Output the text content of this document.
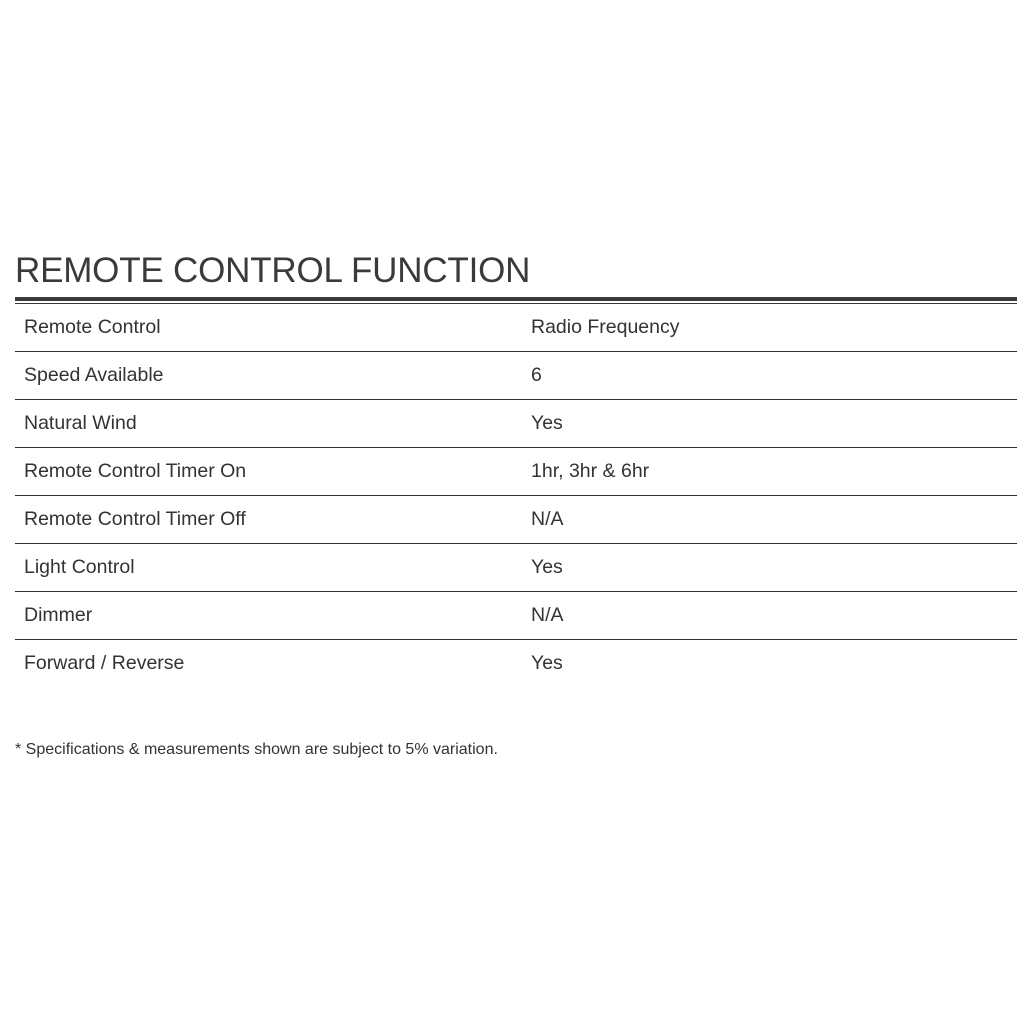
REMOTE CONTROL FUNCTION
Remote Control	Radio Frequency
Speed Available	6
Natural Wind	Yes
Remote Control Timer On	1hr, 3hr & 6hr
Remote Control Timer Off	N/A
Light Control	Yes
Dimmer	N/A
Forward / Reverse	Yes
* Specifications & measurements shown are subject to 5% variation.
